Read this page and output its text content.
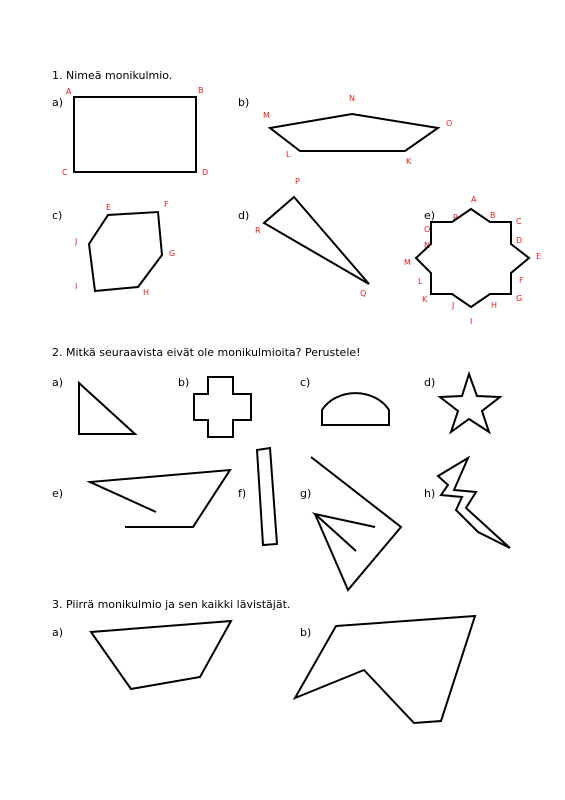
1. Nimeä monikulmio.
2. Mitkä seuraavista eivät ole monikulmioita? Perustele!
3. Piirrä monikulmio ja sen kaikki lävistäjät.
a)	b)
c)	d)	e)
a)	b)	c)	d)
e)	f)	g)	h)
a)	b)
A	B
C	D
M
N
O
K
L
E	F
G
H
I
J
P
Q
R
A
B
C
D
E
F
G
H
I
J
K
L
M
N
O
P
